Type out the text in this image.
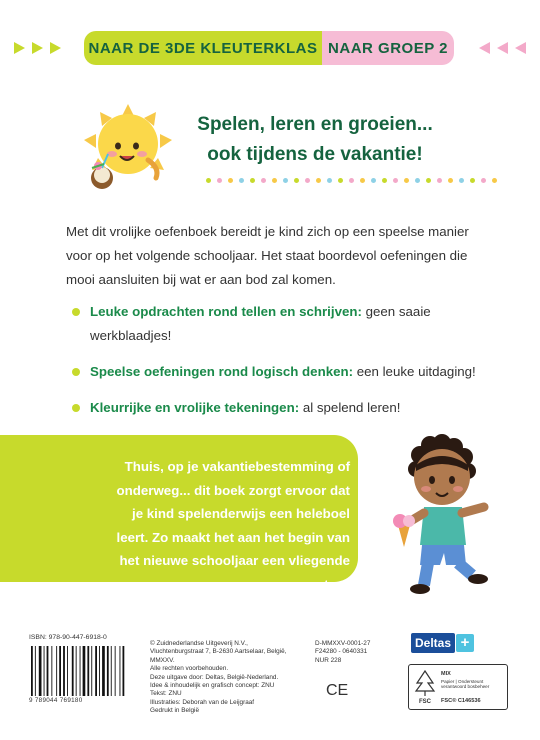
NAAR DE 3DE KLEUTERKLAS NAAR GROEP 2
Spelen, leren en groeien...
ook tijdens de vakantie!
Met dit vrolijke oefenboek bereidt je kind zich op een speelse manier voor op het volgende schooljaar. Het staat boordevol oefeningen die mooi aansluiten bij wat er aan bod zal komen.
Leuke opdrachten rond tellen en schrijven: geen saaie werkblaadjes!
Speelse oefeningen rond logisch denken: een leuke uitdaging!
Kleurrijke en vrolijke tekeningen: al spelend leren!
Thuis, op je vakantiebestemming of onderweg... dit boek zorgt ervoor dat je kind spelenderwijs een heleboel leert. Zo maakt het aan het begin van het nieuwe schooljaar een vliegende start!
ISBN: 978-90-447-6918-0
9 789044 769180
© Zuidnederlandse Uitgeverij N.V.,
Vluchtenburgstraat 7, B-2630 Aartselaar, België, MMXXV.
Alle rechten voorbehouden.
Deze uitgave door: Deltas, België-Nederland.
Idee & inhoudelijk en grafisch concept: ZNU
Tekst: ZNU
Illustraties: Deborah van de Leijgraaf
Gedrukt in België
D-MMXXV-0001-27
F24280 - 0640331
NUR 228
CE
Deltas +
FSC
MIX
Papier | Ondersteunt verantwoord bosbeheer
FSC® C146536
